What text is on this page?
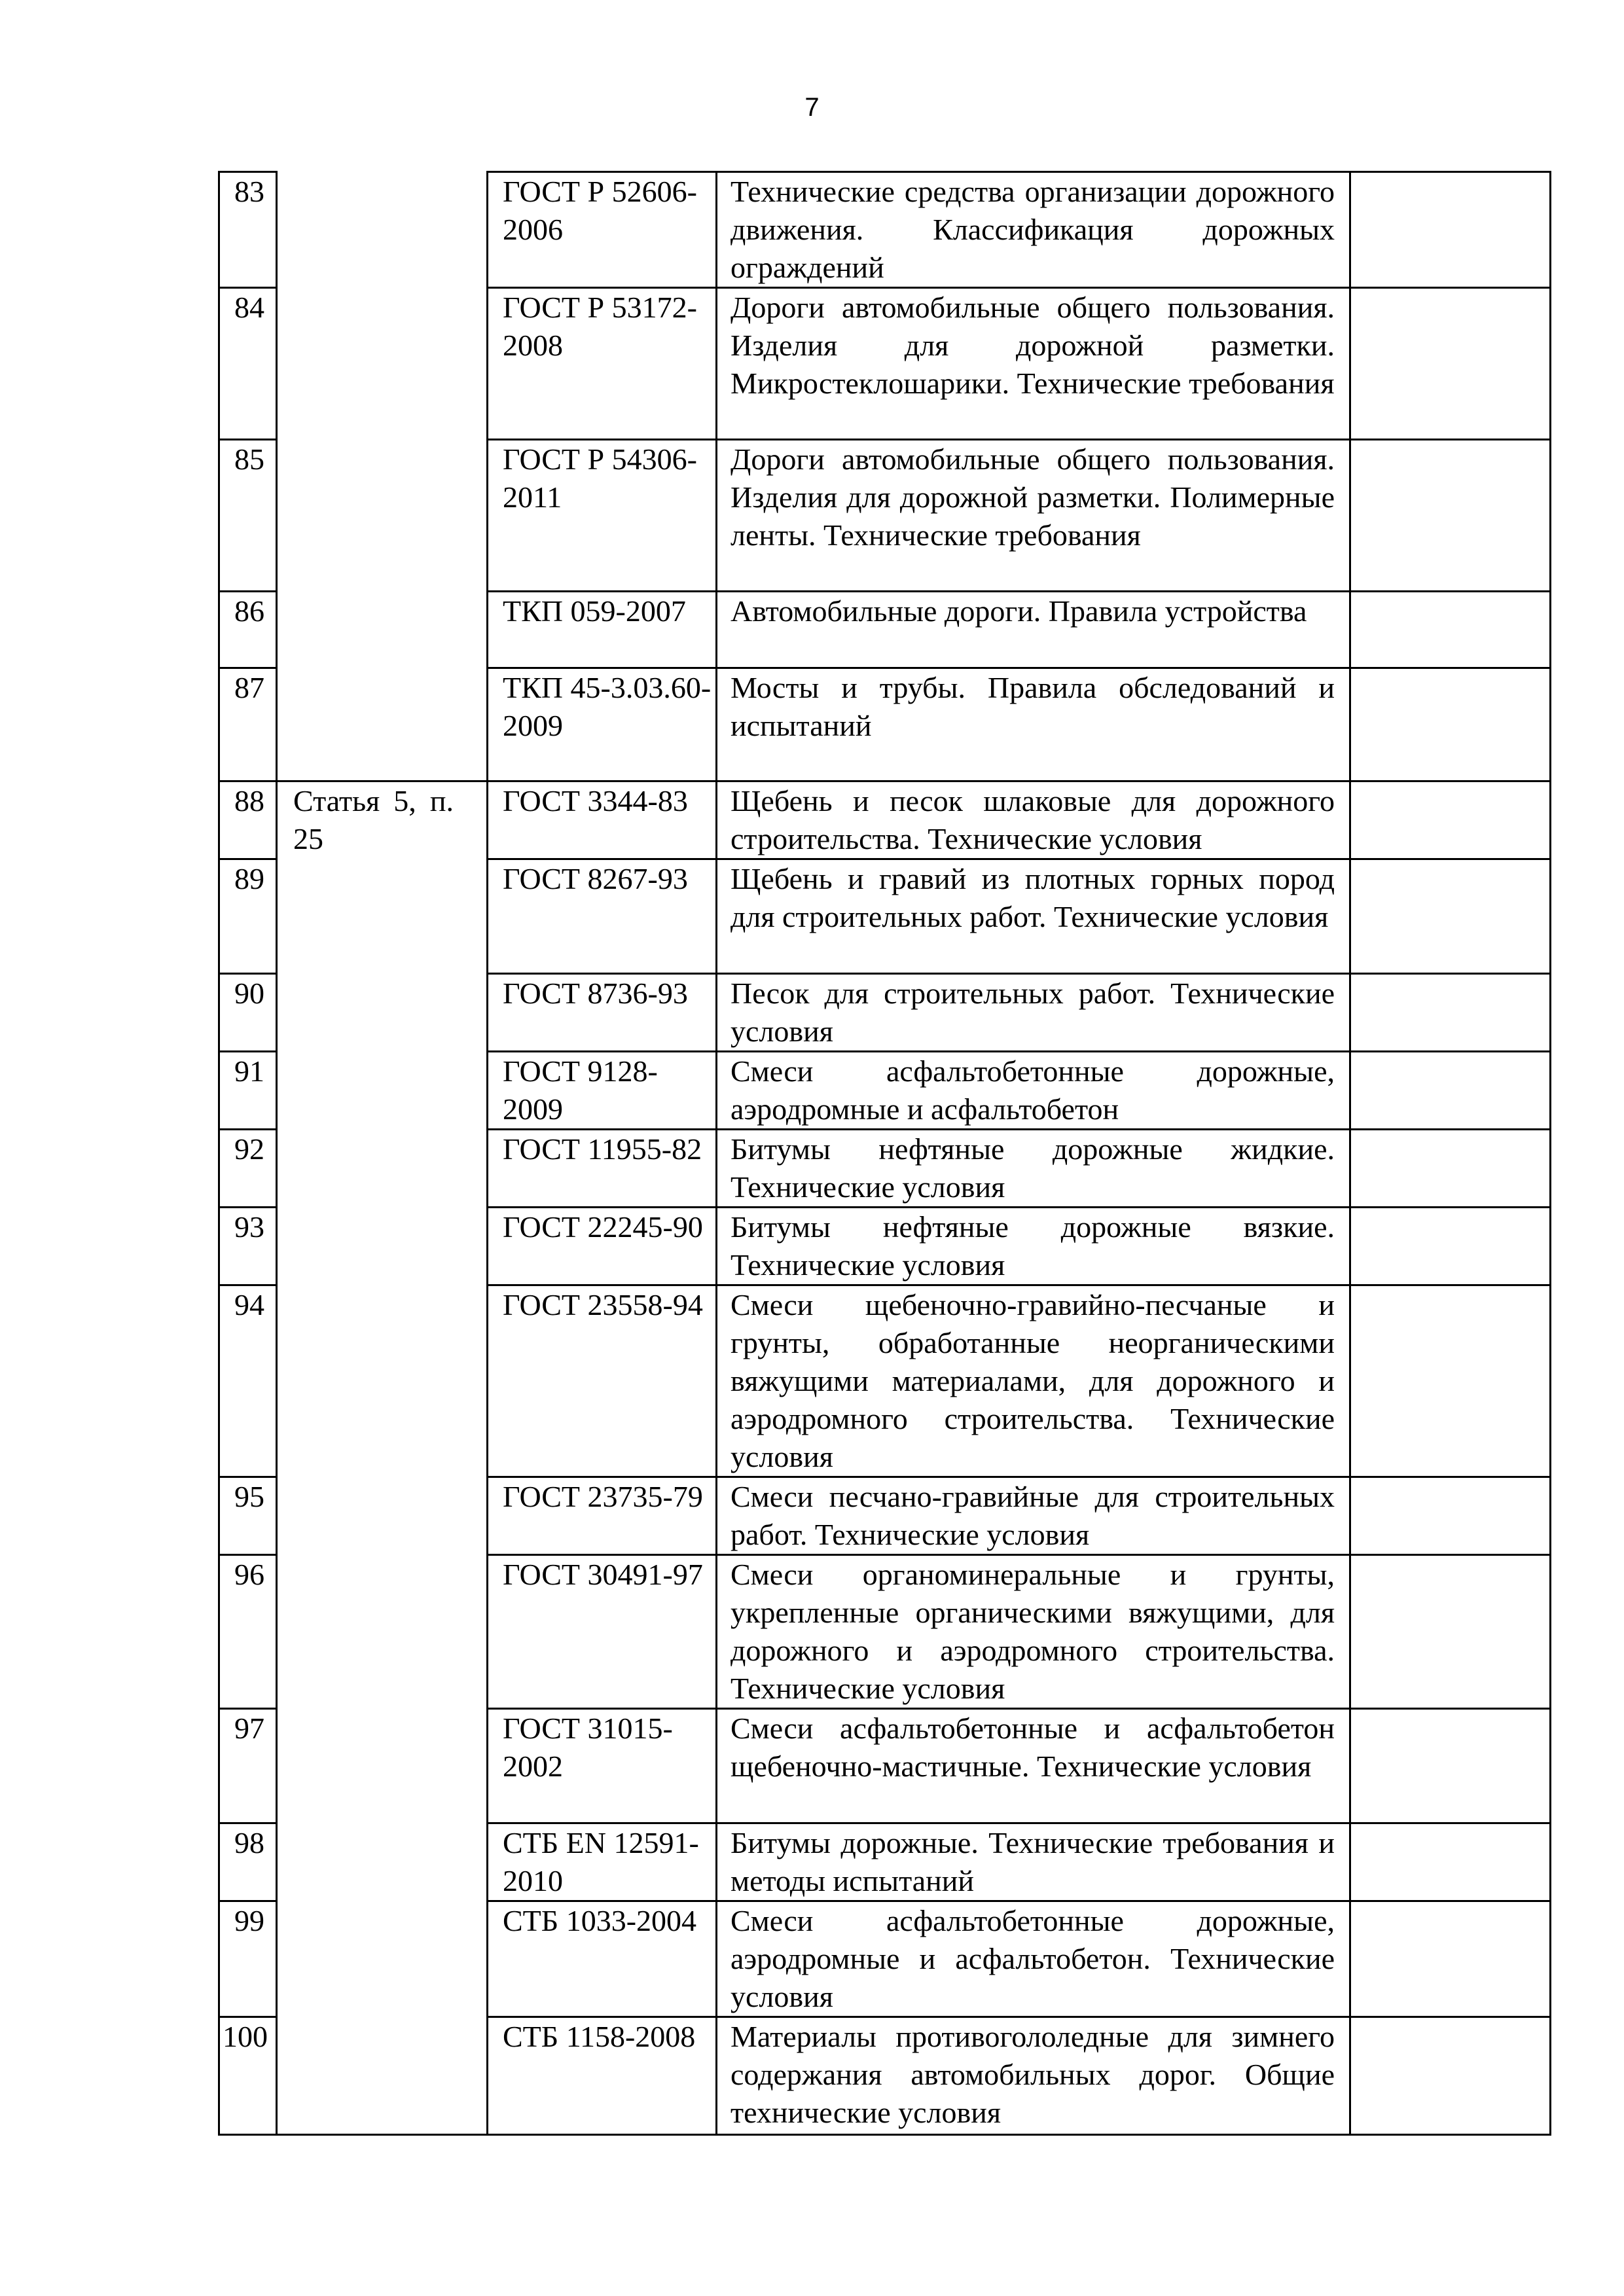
7
83		ГОСТ Р 52606-2006	Технические средства организации дорожного движения. Классификация дорожных ограждений	
84		ГОСТ Р 53172-2008	Дороги автомобильные общего пользования. Изделия для дорожной разметки. Микростеклошарики. Технические требования	
85		ГОСТ Р 54306-2011	Дороги автомобильные общего пользования. Изделия для дорожной разметки. Полимерные ленты. Технические требования	
86		ТКП 059-2007	Автомобильные дороги. Правила устройства	
87		ТКП 45-3.03.60-2009	Мосты и трубы. Правила обследований и испытаний	
88	Статья 5, п. 25	ГОСТ 3344-83	Щебень и песок шлаковые для дорожного строительства. Технические условия	
89		ГОСТ 8267-93	Щебень и гравий из плотных горных пород для строительных работ. Технические условия	
90		ГОСТ 8736-93	Песок для строительных работ. Технические условия	
91		ГОСТ 9128-2009	Смеси асфальтобетонные дорожные, аэродромные и асфальтобетон	
92		ГОСТ 11955-82	Битумы нефтяные дорожные жидкие. Технические условия	
93		ГОСТ 22245-90	Битумы нефтяные дорожные вязкие. Технические условия	
94		ГОСТ 23558-94	Смеси щебеночно-гравийно-песчаные и грунты, обработанные неорганическими вяжущими материалами, для дорожного и аэродромного строительства. Технические условия	
95		ГОСТ 23735-79	Смеси песчано-гравийные для строительных работ. Технические условия	
96		ГОСТ 30491-97	Смеси органоминеральные и грунты, укрепленные органическими вяжущими, для дорожного и аэродромного строительства. Технические условия	
97		ГОСТ 31015-2002	Смеси асфальтобетонные и асфальтобетон щебеночно-мастичные. Технические условия	
98		СТБ EN 12591-2010	Битумы дорожные. Технические требования и методы испытаний	
99		СТБ 1033-2004	Смеси асфальтобетонные дорожные, аэродромные и асфальтобетон. Технические условия	
100		СТБ 1158-2008	Материалы противогололедные для зимнего содержания автомобильных дорог. Общие технические условия	
